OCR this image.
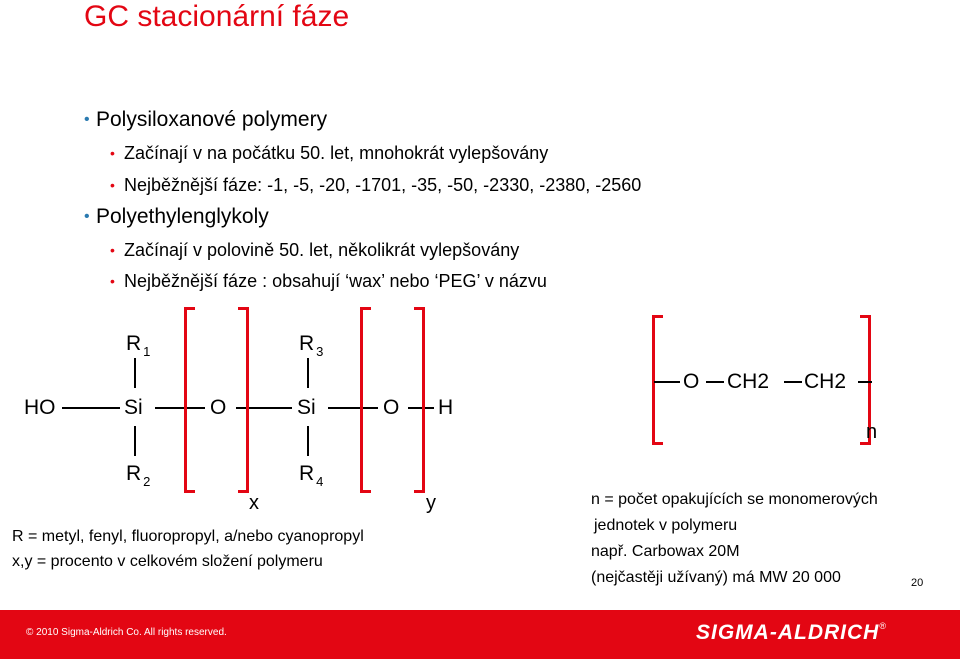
GC stacionární fáze
• Polysiloxanové polymery
• Začínají v na počátku 50. let, mnohokrát vylepšovány
• Nejběžnější fáze: -1, -5, -20, -1701, -35, -50, -2330, -2380, -2560
• Polyethylenglykoly
• Začínají v polovině 50. let, několikrát vylepšovány
• Nejběžnější fáze : obsahují ‘wax’ nebo ‘PEG’ v názvu
HO	Si	O	Si	O H
R $_1$
R $_2$
R $_3$
R $_4$
x	y
R = metyl, fenyl, fluoropropyl, a/nebo cyanopropyl
x,y = procento v celkovém složení polymeru
O CH2 CH2
n
n = počet opakujících se monomerových
jednotek v polymeru
např. Carbowax 20M
(nejčastěji užívaný) má MW 20 000	20
© 2010 Sigma-Aldrich Co. All rights reserved.	SIGMA-ALDRICH®
